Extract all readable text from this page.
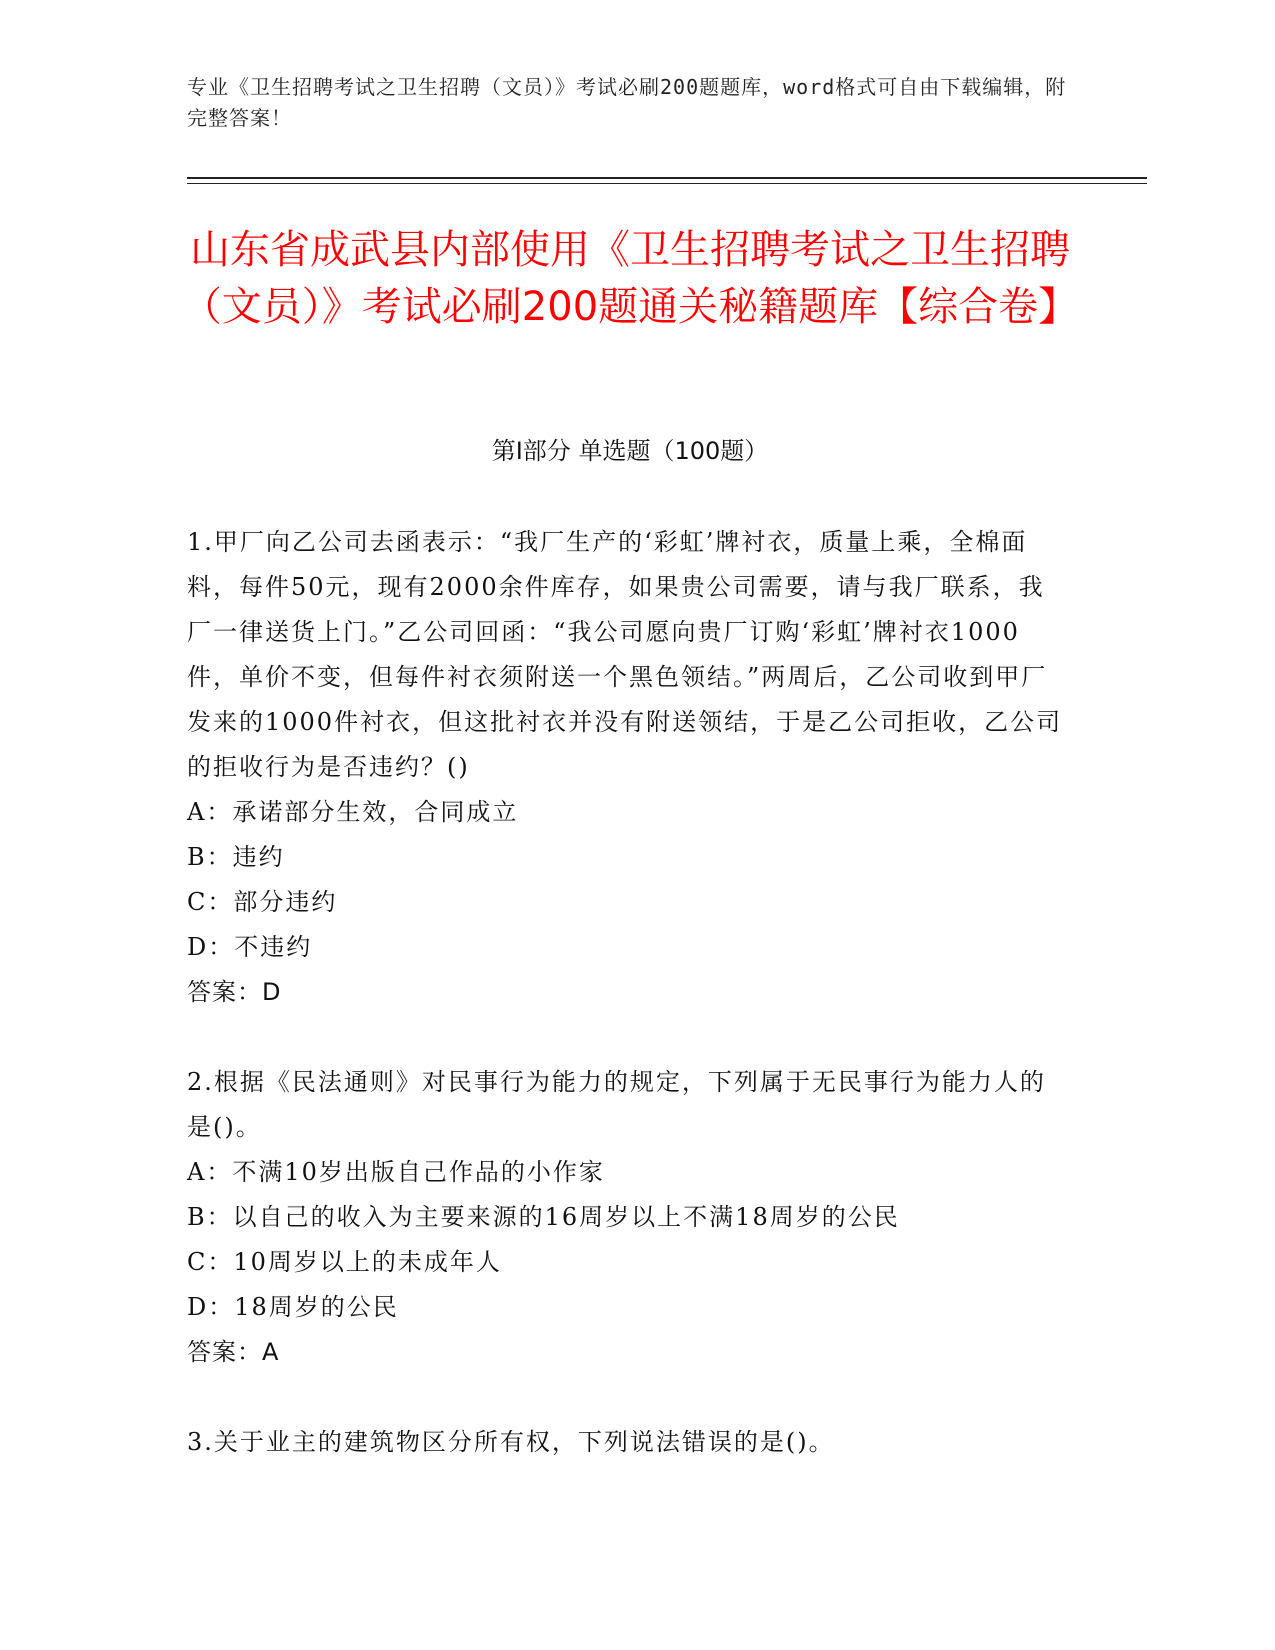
专业《卫生招聘考试之卫生招聘（文员）》考试必刷200题题库，word格式可自由下载编辑，附完整答案！

山东省成武县内部使用《卫生招聘考试之卫生招聘（文员）》考试必刷200题通关秘籍题库【综合卷】
第I部分 单选题（100题）

1.甲厂向乙公司去函表示：“我厂生产的‘彩虹’牌衬衣，质量上乘，全棉面料，每件50元，现有2000余件库存，如果贵公司需要，请与我厂联系，我厂一律送货上门。”乙公司回函：“我公司愿向贵厂订购‘彩虹’牌衬衣1000件，单价不变，但每件衬衣须附送一个黑色领结。”两周后，乙公司收到甲厂发来的1000件衬衣，但这批衬衣并没有附送领结，于是乙公司拒收，乙公司的拒收行为是否违约？()

A：承诺部分生效，合同成立

B：违约

C：部分违约

D：不违约

答案：D

2.根据《民法通则》对民事行为能力的规定，下列属于无民事行为能力人的是()。

A：不满10岁出版自己作品的小作家

B：以自己的收入为主要来源的16周岁以上不满18周岁的公民

C：10周岁以上的未成年人

D：18周岁的公民

答案：A

3.关于业主的建筑物区分所有权，下列说法错误的是()。
